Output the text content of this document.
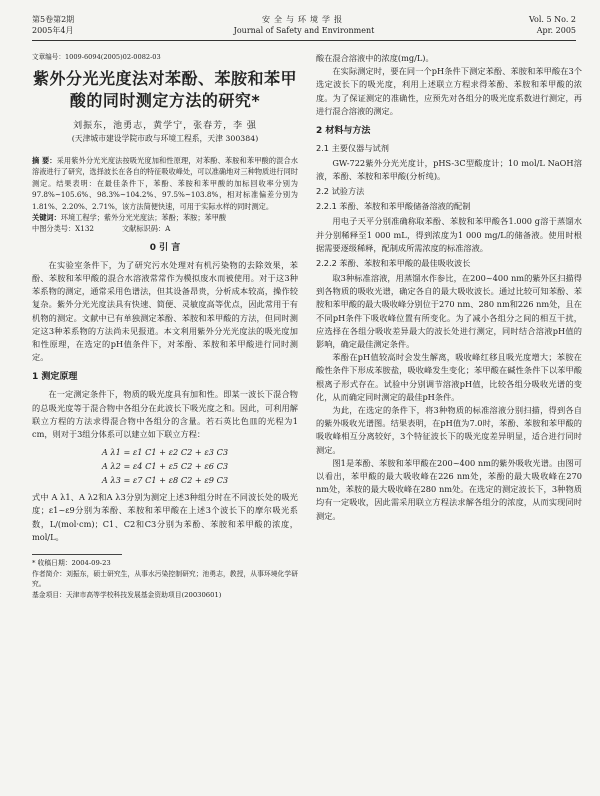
第5卷第2期
2005年4月
安全与环境学报
Journal of Safety and Environment
Vol. 5 No. 2
Apr. 2005
文章编号：1009-6094(2005)02-0082-03
紫外分光光度法对苯酚、苯胺和苯甲酸的同时测定方法的研究*
刘振东，池勇志，黄学宁，张春芳，李 强
(天津城市建设学院市政与环境工程系，天津 300384)
摘 要：采用紫外分光光度法按吸光度加和性原理，对苯酚、苯胺和苯甲酸的混合水溶液进行了研究，选择波长在各自的特征吸收峰处，可以准确地对三种物质进行同时测定。结果表明：在最佳条件下，苯酚、苯胺和苯甲酸的加标回收率分别为97.8%~105.6%、98.3%~104.2%、97.5%~103.8%，相对标准偏差分别为1.81%、2.20%、2.71%，该方法简便快速，可用于实际水样的同时测定。
关键词：环境工程学；紫外分光光度法；苯酚；苯胺；苯甲酸
中图分类号：X132	文献标识码：A
0 引 言

在实验室条件下，为了研究污水处理对有机污染物的去除效果，苯酚、苯胺和苯甲酸的混合水溶液常常作为模拟废水而被使用。对于这3种苯系物的测定，通常采用色谱法，但其设备昂贵，分析成本较高，操作较复杂。紫外分光光度法具有快速、简便、灵敏度高等优点，因此常用于有机物的测定。文献中已有单独测定苯酚、苯胺和苯甲酸的方法，但同时测定这3种苯系物的方法尚未见报道。本文利用紫外分光光度法的吸光度加和性原理，在选定的pH值条件下，对苯酚、苯胺和苯甲酸进行同时测定。

1 测定原理

在一定测定条件下，物质的吸光度具有加和性。即某一波长下混合物的总吸光度等于混合物中各组分在此波长下吸光度之和。因此，可利用解联立方程的方法求得混合物中各组分的含量。若石英比色皿的光程为1 cm，则对于3组分体系可以建立如下联立方程：

A λ1 = ε1 C1 + ε2 C2 + ε3 C3
A λ2 = ε4 C1 + ε5 C2 + ε6 C3
A λ3 = ε7 C1 + ε8 C2 + ε9 C3

式中 A λ1、A λ2和A λ3分别为测定上述3种组分时在不同波长处的吸光度；ε1~ε9分别为苯酚、苯胺和苯甲酸在上述3个波长下的摩尔吸光系数，L/(mol·cm)；C1、C2和C3分别为苯酚、苯胺和苯甲酸的浓度，mol/L。

* 收稿日期：2004-09-23
作者简介：刘振东，硕士研究生，从事水污染控制研究；池勇志，教授，从事环境化学研究。
基金项目：天津市高等学校科技发展基金资助项目(20030601)

酸在混合溶液中的浓度(mg/L)。

在实际测定时，要在同一个pH条件下测定苯酚、苯胺和苯甲酸在3个选定波长下的吸光度，利用上述联立方程求得苯酚、苯胺和苯甲酸的浓度。为了保证测定的准确性，应预先对各组分的吸光度系数进行测定，再进行混合溶液的测定。

2 材料与方法
2.1 主要仪器与试剂

GW-722紫外分光光度计，pHS-3C型酸度计；10 mol/L NaOH溶液，苯酚、苯胺和苯甲酸(分析纯)。

2.2 试验方法
2.2.1 苯酚、苯胺和苯甲酸储备溶液的配制

用电子天平分别准确称取苯酚、苯胺和苯甲酸各1.000 g溶于蒸馏水并分别稀释至1 000 mL，得到浓度为1 000 mg/L的储备液。使用时根据需要逐级稀释，配制成所需浓度的标准溶液。

2.2.2 苯酚、苯胺和苯甲酸的最佳吸收波长

取3种标准溶液，用蒸馏水作参比，在200~400 nm的紫外区扫描得到各物质的吸收光谱，确定各自的最大吸收波长。通过比较可知苯酚、苯胺和苯甲酸的最大吸收峰分别位于270 nm、280 nm和226 nm处，且在不同pH条件下吸收峰位置有所变化。为了减小各组分之间的相互干扰，应选择在各组分吸收差异最大的波长处进行测定，同时结合溶液pH值的影响，确定最佳测定条件。

苯酚在pH值较高时会发生解离，吸收峰红移且吸光度增大；苯胺在酸性条件下形成苯胺盐，吸收峰发生变化；苯甲酸在碱性条件下以苯甲酸根离子形式存在。试验中分别调节溶液pH值，比较各组分吸收光谱的变化，从而确定同时测定的最佳pH条件。

为此，在选定的条件下，将3种物质的标准溶液分别扫描，得到各自的紫外吸收光谱图。结果表明，在pH值为7.0时，苯酚、苯胺和苯甲酸的吸收峰相互分离较好，3个特征波长下的吸光度差异明显，适合进行同时测定。

图1是苯酚、苯胺和苯甲酸在200~400 nm的紫外吸收光谱。由图可以看出，苯甲酸的最大吸收峰在226 nm处，苯酚的最大吸收峰在270 nm处，苯胺的最大吸收峰在280 nm处。在选定的测定波长下，3种物质均有一定吸收，因此需采用联立方程法求解各组分的浓度，从而实现同时测定。
